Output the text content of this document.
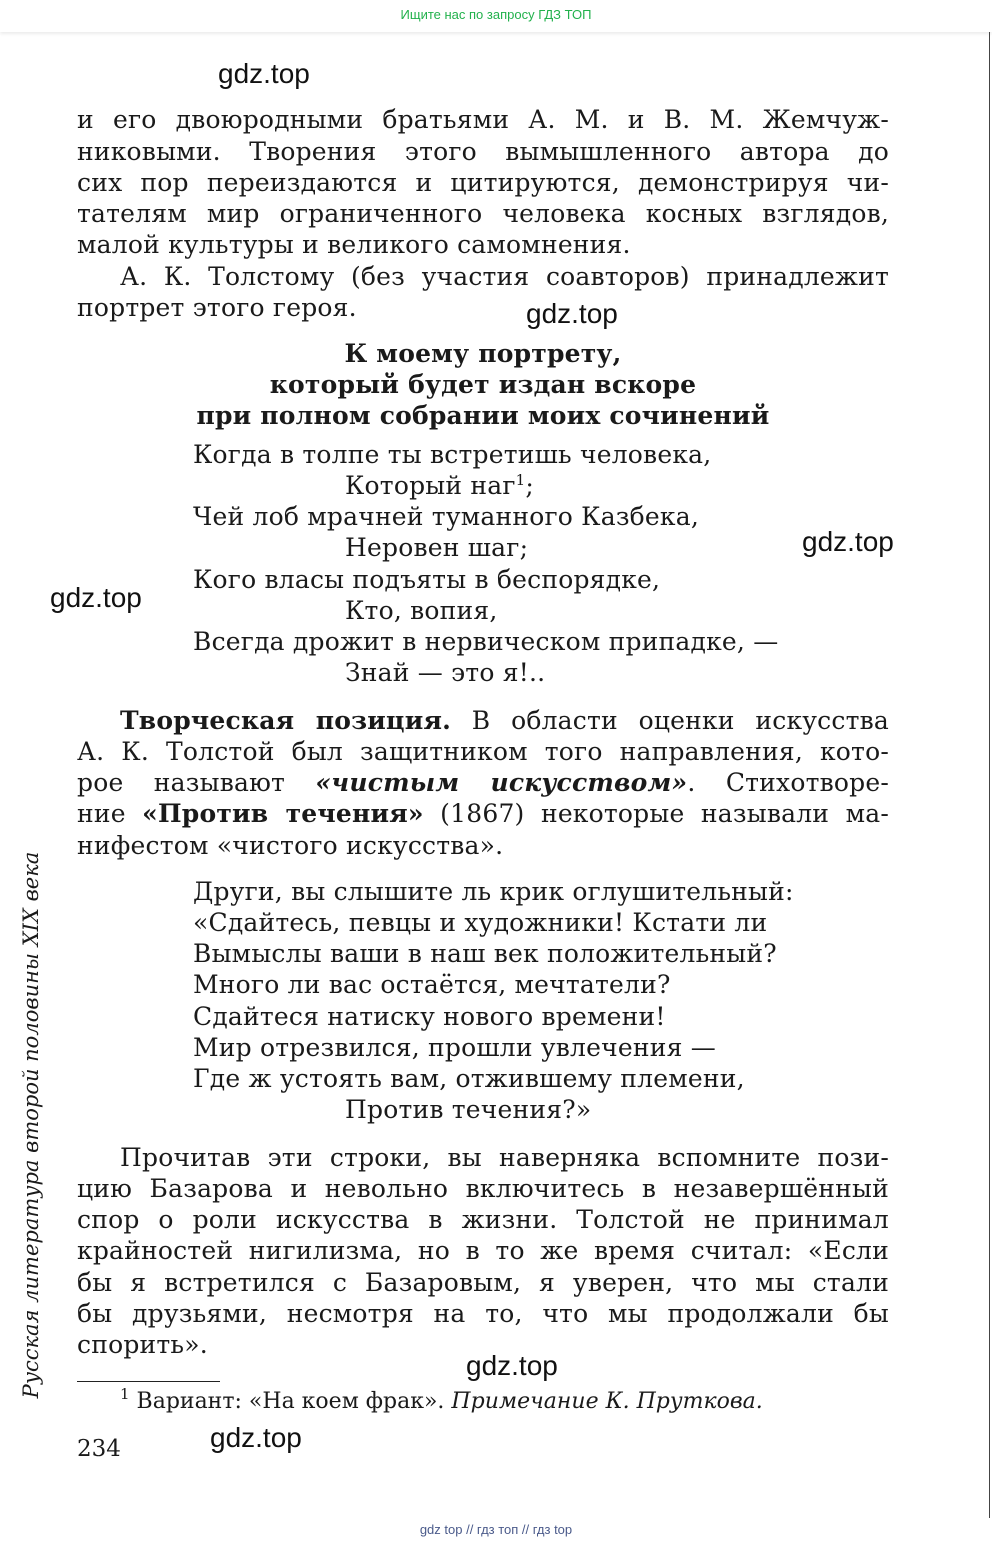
Ищите нас по запросу ГДЗ ТОП
gdz.top
gdz.top
gdz.top
gdz.top
gdz.top
gdz.top
Русская литература второй половины XIX века
и его двоюродными братьями А. М. и В. М. Жемчуж-
никовыми. Творения этого вымышленного автора до
сих пор переиздаются и цитируются, демонстрируя чи-
тателям мир ограниченного человека косных взглядов,
малой культуры и великого самомнения.
А. К. Толстому (без участия соавторов) принадлежит
портрет этого героя.
К моему портрету,
который будет издан вскоре
при полном собрании моих сочинений
Когда в толпе ты встретишь человека,
Который наг$^1$;
Чей лоб мрачней туманного Казбека,
Неровен шаг;
Кого власы подъяты в беспорядке,
Кто, вопия,
Всегда дрожит в нервическом припадке, —
Знай — это я!..
Творческая позиция. В области оценки искусства
А. К. Толстой был защитником того направления, кото-
рое называют «чистым искусством». Стихотворе-
ние «Против течения» (1867) некоторые называли ма-
нифестом «чистого искусства».
Други, вы слышите ль крик оглушительный:
«Сдайтесь, певцы и художники! Кстати ли
Вымыслы ваши в наш век положительный?
Много ли вас остаётся, мечтатели?
Сдайтеся натиску нового времени!
Мир отрезвился, прошли увлечения —
Где ж устоять вам, отжившему племени,
Против течения?»
Прочитав эти строки, вы наверняка вспомните пози-
цию Базарова и невольно включитесь в незавершённый
спор о роли искусства в жизни. Толстой не принимал
крайностей нигилизма, но в то же время считал: «Если
бы я встретился с Базаровым, я уверен, что мы стали
бы друзьями, несмотря на то, что мы продолжали бы
спорить».
$^1$ Вариант: «На коем фрак». Примечание К. Пруткова.
234
gdz top // гдз топ // гдз top
